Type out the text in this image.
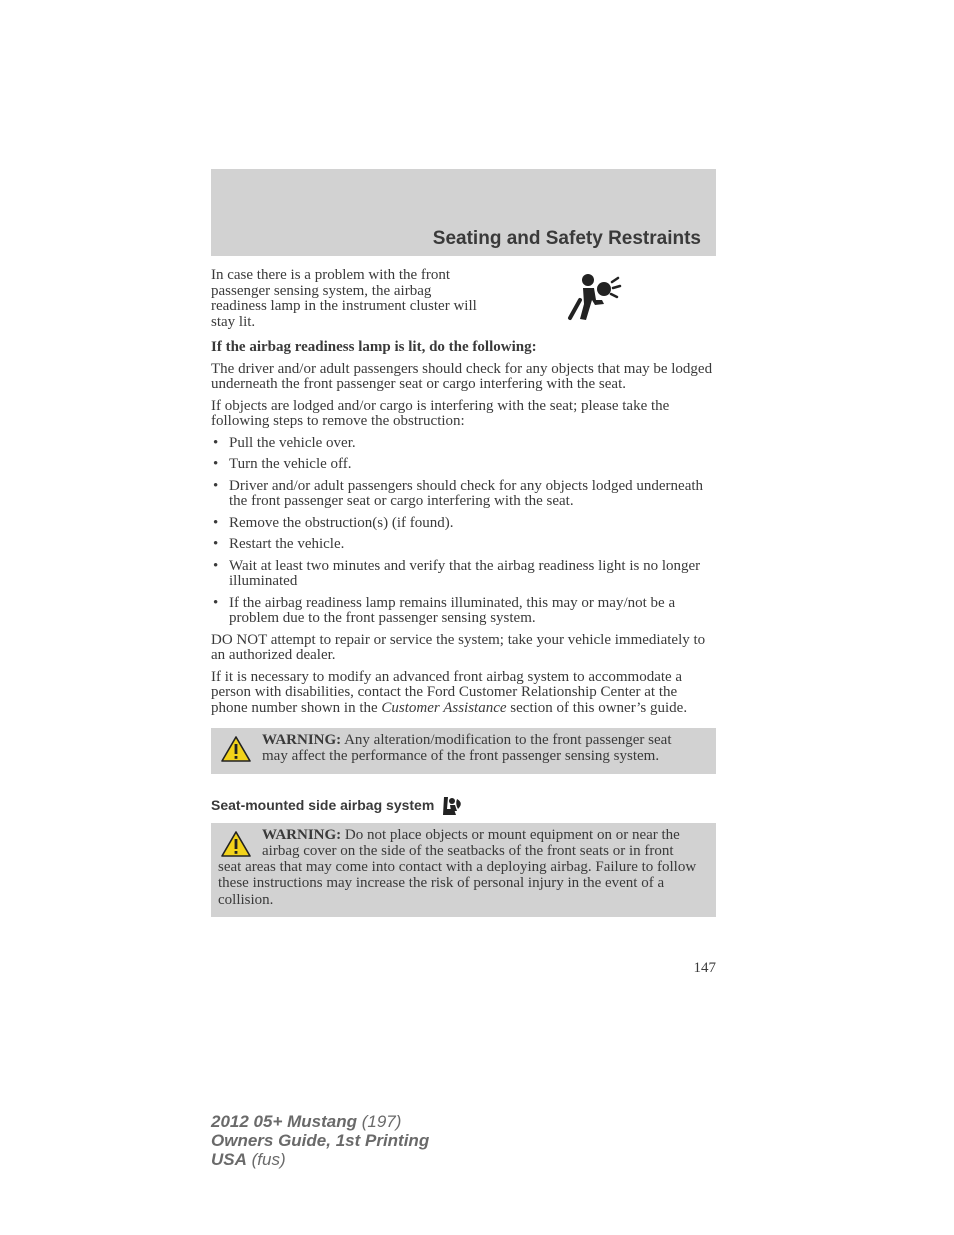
Seating and Safety Restraints

In case there is a problem with the front passenger sensing system, the airbag readiness lamp in the instrument cluster will stay lit.

If the airbag readiness lamp is lit, do the following:

The driver and/or adult passengers should check for any objects that may be lodged underneath the front passenger seat or cargo interfering with the seat.

If objects are lodged and/or cargo is interfering with the seat; please take the following steps to remove the obstruction:

• Pull the vehicle over.
• Turn the vehicle off.
• Driver and/or adult passengers should check for any objects lodged underneath the front passenger seat or cargo interfering with the seat.
• Remove the obstruction(s) (if found).
• Restart the vehicle.
• Wait at least two minutes and verify that the airbag readiness light is no longer illuminated
• If the airbag readiness lamp remains illuminated, this may or may/not be a problem due to the front passenger sensing system.

DO NOT attempt to repair or service the system; take your vehicle immediately to an authorized dealer.

If it is necessary to modify an advanced front airbag system to accommodate a person with disabilities, contact the Ford Customer Relationship Center at the phone number shown in the Customer Assistance section of this owner’s guide.

WARNING: Any alteration/modification to the front passenger seat may affect the performance of the front passenger sensing system.
Seat-mounted side airbag system
WARNING: Do not place objects or mount equipment on or near the airbag cover on the side of the seatbacks of the front seats or in front seat areas that may come into contact with a deploying airbag. Failure to follow these instructions may increase the risk of personal injury in the event of a collision.
147
2012 05+ Mustang (197)
Owners Guide, 1st Printing
USA (fus)
